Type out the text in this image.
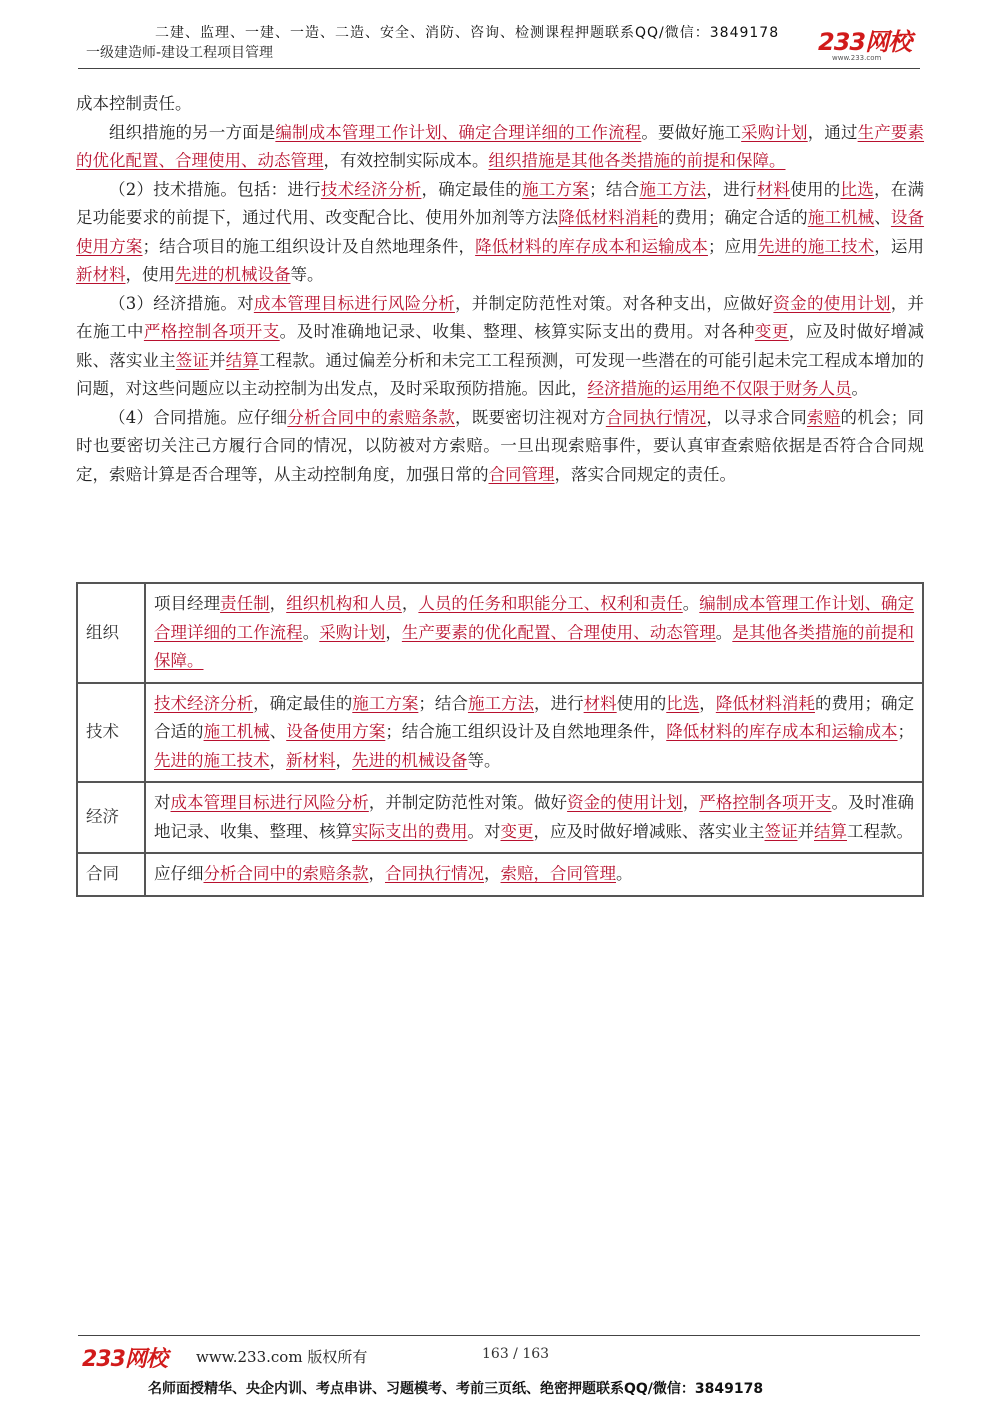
二建、监理、一建、一造、二造、安全、消防、咨询、检测课程押题联系QQ/微信：3849178
一级建造师-建设工程项目管理	233网校
www.233.com

成本控制责任。

组织措施的另一方面是编制成本管理工作计划、确定合理详细的工作流程。要做好施工采购计划，通过生产要素的优化配置、合理使用、动态管理，有效控制实际成本。组织措施是其他各类措施的前提和保障。

（2）技术措施。包括：进行技术经济分析，确定最佳的施工方案；结合施工方法，进行材料使用的比选，在满足功能要求的前提下，通过代用、改变配合比、使用外加剂等方法降低材料消耗的费用；确定合适的施工机械、设备使用方案；结合项目的施工组织设计及自然地理条件，降低材料的库存成本和运输成本；应用先进的施工技术，运用新材料，使用先进的机械设备等。

（3）经济措施。对成本管理目标进行风险分析，并制定防范性对策。对各种支出，应做好资金的使用计划，并在施工中严格控制各项开支。及时准确地记录、收集、整理、核算实际支出的费用。对各种变更，应及时做好增减账、落实业主签证并结算工程款。通过偏差分析和未完工工程预测，可发现一些潜在的可能引起未完工程成本增加的问题，对这些问题应以主动控制为出发点，及时采取预防措施。因此，经济措施的运用绝不仅限于财务人员。

（4）合同措施。应仔细分析合同中的索赔条款，既要密切注视对方合同执行情况，以寻求合同索赔的机会；同时也要密切关注己方履行合同的情况，以防被对方索赔。一旦出现索赔事件，要认真审查索赔依据是否符合合同规定，索赔计算是否合理等，从主动控制角度，加强日常的合同管理，落实合同规定的责任。

组织	项目经理责任制，组织机构和人员，人员的任务和职能分工、权利和责任。编制成本管理工作计划、确定合理详细的工作流程。采购计划，生产要素的优化配置、合理使用、动态管理。是其他各类措施的前提和保障。
技术	技术经济分析，确定最佳的施工方案；结合施工方法，进行材料使用的比选，降低材料消耗的费用；确定合适的施工机械、设备使用方案；结合施工组织设计及自然地理条件，降低材料的库存成本和运输成本；先进的施工技术，新材料，先进的机械设备等。
经济	对成本管理目标进行风险分析，并制定防范性对策。做好资金的使用计划，严格控制各项开支。及时准确地记录、收集、整理、核算实际支出的费用。对变更，应及时做好增减账、落实业主签证并结算工程款。
合同	应仔细分析合同中的索赔条款，合同执行情况，索赔，合同管理。
233网校 www.233.com 版权所有	163 / 163
名师面授精华、央企内训、考点串讲、习题模考、考前三页纸、绝密押题联系QQ/微信：3849178
